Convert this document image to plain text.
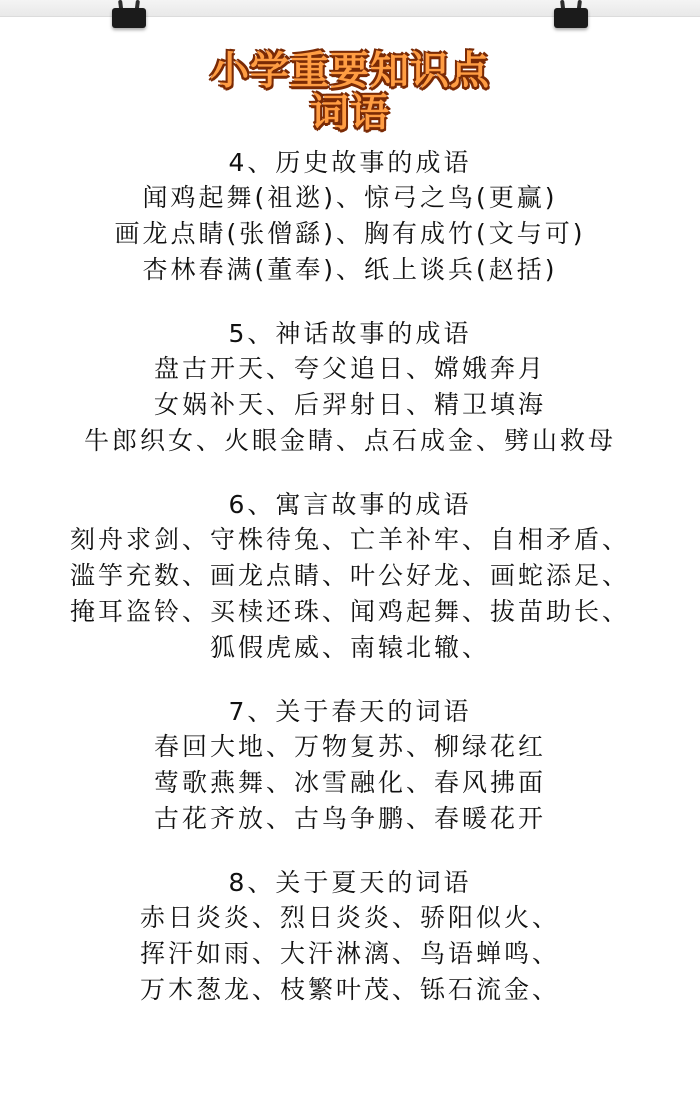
小学重要知识点
词语
4、历史故事的成语
闻鸡起舞(祖逖)、惊弓之鸟(更赢)
画龙点睛(张僧繇)、胸有成竹(文与可)
杏林春满(董奉)、纸上谈兵(赵括)
5、神话故事的成语
盘古开天、夸父追日、嫦娥奔月
女娲补天、后羿射日、精卫填海
牛郎织女、火眼金睛、点石成金、劈山救母
6、寓言故事的成语
刻舟求剑、守株待兔、亡羊补牢、自相矛盾、
滥竽充数、画龙点睛、叶公好龙、画蛇添足、
掩耳盗铃、买椟还珠、闻鸡起舞、拔苗助长、
狐假虎威、南辕北辙、
7、关于春天的词语
春回大地、万物复苏、柳绿花红
莺歌燕舞、冰雪融化、春风拂面
古花齐放、古鸟争鹏、春暖花开
8、关于夏天的词语
赤日炎炎、烈日炎炎、骄阳似火、
挥汗如雨、大汗淋漓、鸟语蝉鸣、
万木葱龙、枝繁叶茂、铄石流金、
